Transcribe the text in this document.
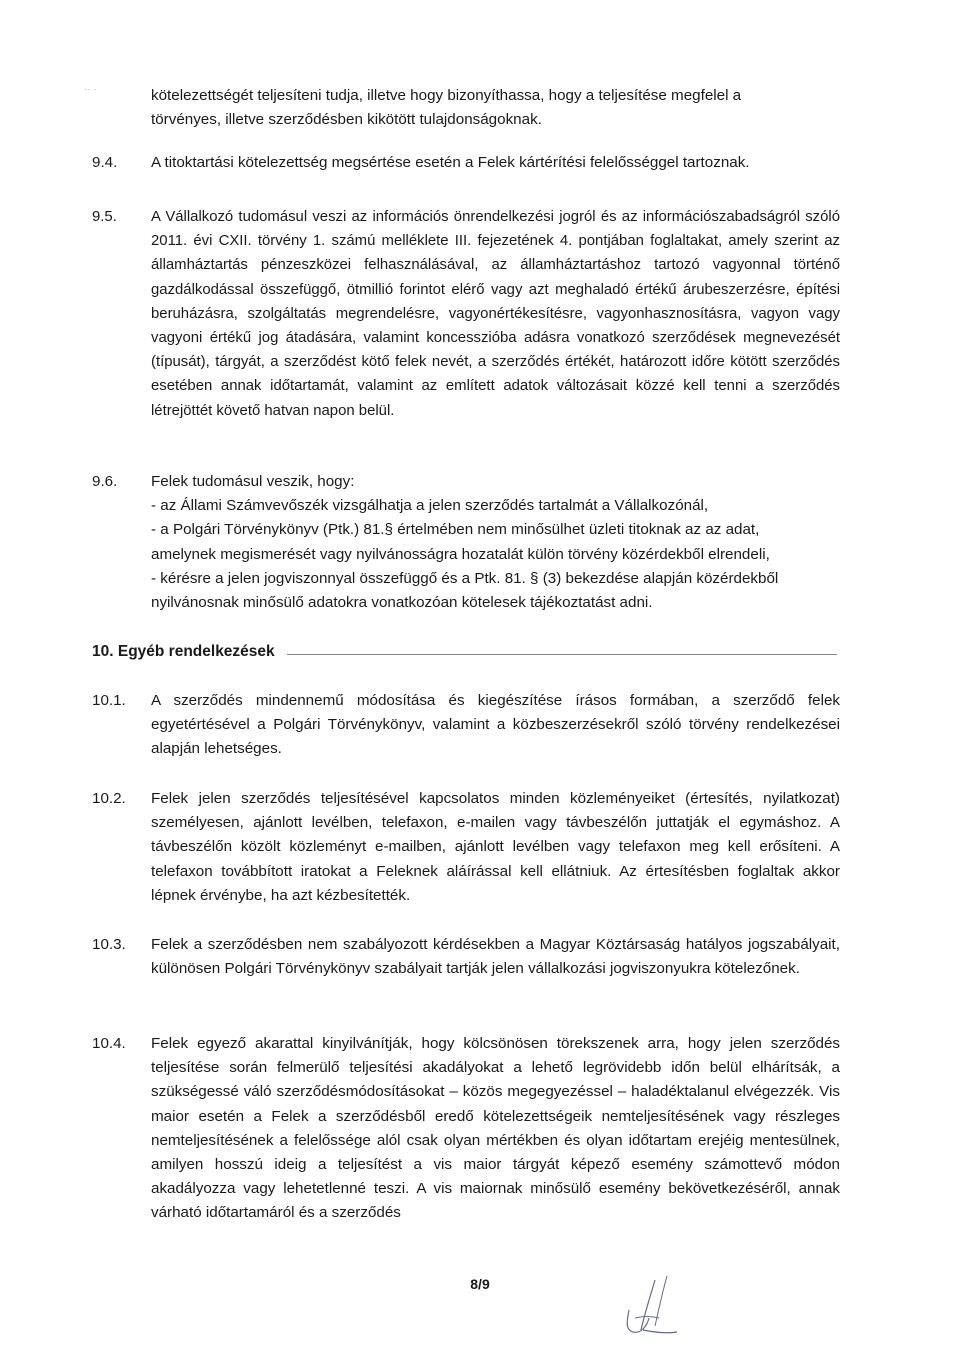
·· ·	kötelezettségét teljesíteni tudja, illetve hogy bizonyíthassa, hogy a teljesítése megfelel a
törvényes, illetve szerződésben kikötött tulajdonságoknak.
9.4.	A titoktartási kötelezettség megsértése esetén a Felek kártérítési felelősséggel tartoznak.
9.5.	A Vállalkozó tudomásul veszi az információs önrendelkezési jogról és az információszabadságról szóló 2011. évi CXII. törvény 1. számú melléklete III. fejezetének 4. pontjában foglaltakat, amely szerint az államháztartás pénzeszközei felhasználásával, az államháztartáshoz tartozó vagyonnal történő gazdálkodással összefüggő, ötmillió forintot elérő vagy azt meghaladó értékű árubeszerzésre, építési beruházásra, szolgáltatás megrendelésre, vagyonértékesítésre, vagyonhasznosításra, vagyon vagy vagyoni értékű jog átadására, valamint koncesszióba adásra vonatkozó szerződések megnevezését (típusát), tárgyát, a szerződést kötő felek nevét, a szerződés értékét, határozott időre kötött szerződés esetében annak időtartamát, valamint az említett adatok változásait közzé kell tenni a szerződés létrejöttét követő hatvan napon belül.
9.6.	Felek tudomásul veszik, hogy:
- az Állami Számvevőszék vizsgálhatja a jelen szerződés tartalmát a Vállalkozónál,
- a Polgári Törvénykönyv (Ptk.) 81.§ értelmében nem minősülhet üzleti titoknak az az adat,
amelynek megismerését vagy nyilvánosságra hozatalát külön törvény közérdekből elrendeli,
- kérésre a jelen jogviszonnyal összefüggő és a Ptk. 81. § (3) bekezdése alapján közérdekből
nyilvánosnak minősülő adatokra vonatkozóan kötelesek tájékoztatást adni.
10. Egyéb rendelkezések
10.1.	A szerződés mindennemű módosítása és kiegészítése írásos formában, a szerződő felek egyetértésével a Polgári Törvénykönyv, valamint a közbeszerzésekről szóló törvény rendelkezései alapján lehetséges.
10.2.	Felek jelen szerződés teljesítésével kapcsolatos minden közleményeiket (értesítés, nyilatkozat) személyesen, ajánlott levélben, telefaxon, e-mailen vagy távbeszélőn juttatják el egymáshoz. A távbeszélőn közölt közleményt e-mailben, ajánlott levélben vagy telefaxon meg kell erősíteni. A telefaxon továbbított iratokat a Feleknek aláírással kell ellátniuk. Az értesítésben foglaltak akkor lépnek érvénybe, ha azt kézbesítették.
10.3.	Felek a szerződésben nem szabályozott kérdésekben a Magyar Köztársaság hatályos jogszabályait, különösen Polgári Törvénykönyv szabályait tartják jelen vállalkozási jogviszonyukra kötelezőnek.
10.4.	Felek egyező akarattal kinyilvánítják, hogy kölcsönösen törekszenek arra, hogy jelen szerződés teljesítése során felmerülő teljesítési akadályokat a lehető legrövidebb időn belül elhárítsák, a szükségessé váló szerződésmódosításokat – közös megegyezéssel – haladéktalanul elvégezzék. Vis maior esetén a Felek a szerződésből eredő kötelezettségeik nemteljesítésének vagy részleges nemteljesítésének a felelőssége alól csak olyan mértékben és olyan időtartam erejéig mentesülnek, amilyen hosszú ideig a teljesítést a vis maior tárgyát képező esemény számottevő módon akadályozza vagy lehetetlenné teszi. A vis maiornak minősülő esemény bekövetkezéséről, annak várható időtartamáról és a szerződés
8/9
